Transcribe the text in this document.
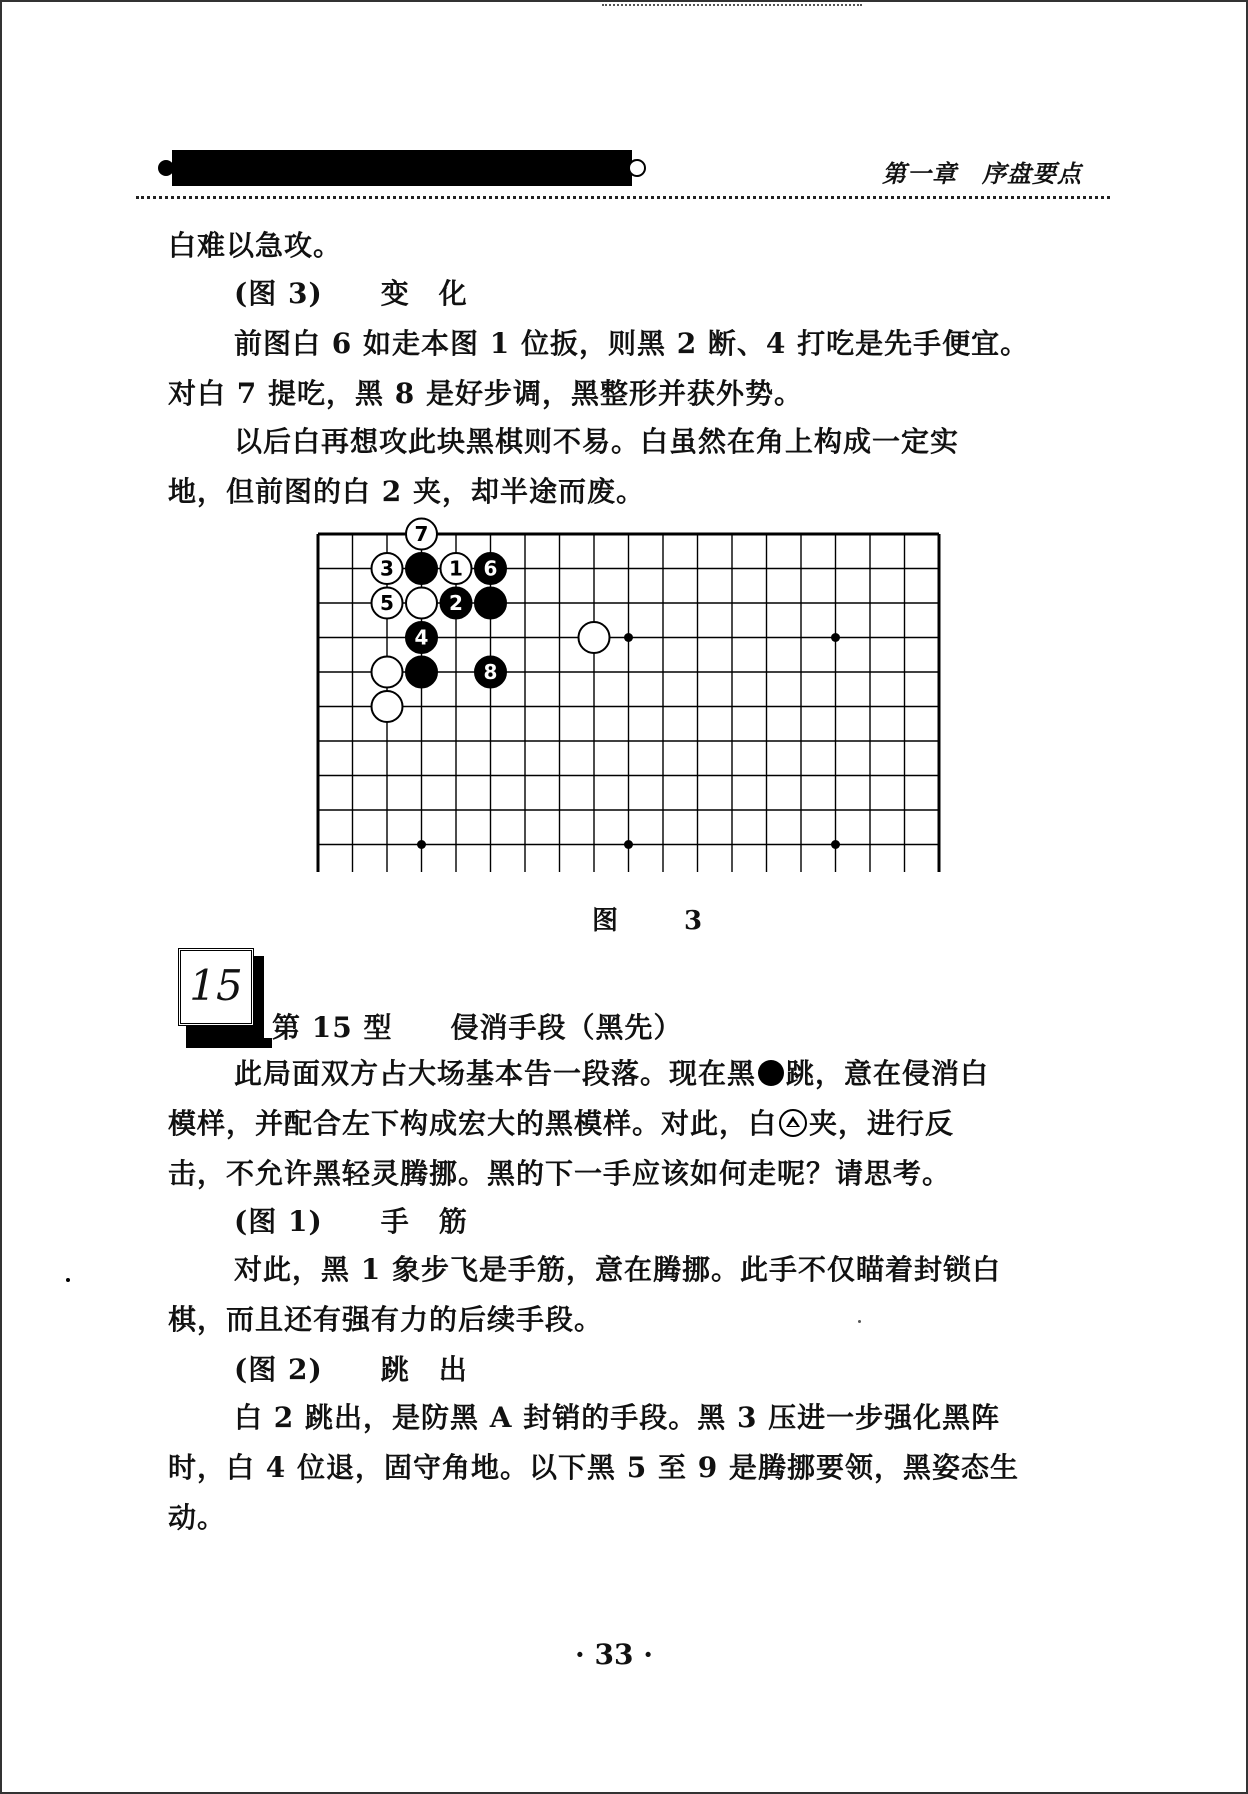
第一章　序盘要点
白难以急攻。
(图 3)　　变　化
前图白 6 如走本图 1 位扳，则黑 2 断、4 打吃是先手便宜。
对白 7 提吃，黑 8 是好步调，黑整形并获外势。
以后白再想攻此块黑棋则不易。白虽然在角上构成一定实
地，但前图的白 2 夹，却半途而废。
7
3	1 6
5	2
4
8
图　3
15
第 15 型　　侵消手段（黑先）
此局面双方占大场基本告一段落。现在黑 跳，意在侵消白
模样，并配合左下构成宏大的黑模样。对此，白 夹，进行反
击，不允许黑轻灵腾挪。黑的下一手应该如何走呢？请思考。
(图 1)　　手　筋
对此，黑 1 象步飞是手筋，意在腾挪。此手不仅瞄着封锁白
棋，而且还有强有力的后续手段。
(图 2)　　跳　出
白 2 跳出，是防黑 A 封销的手段。黑 3 压进一步强化黑阵
时，白 4 位退，固守角地。以下黑 5 至 9 是腾挪要领，黑姿态生
动。
· 33 ·
